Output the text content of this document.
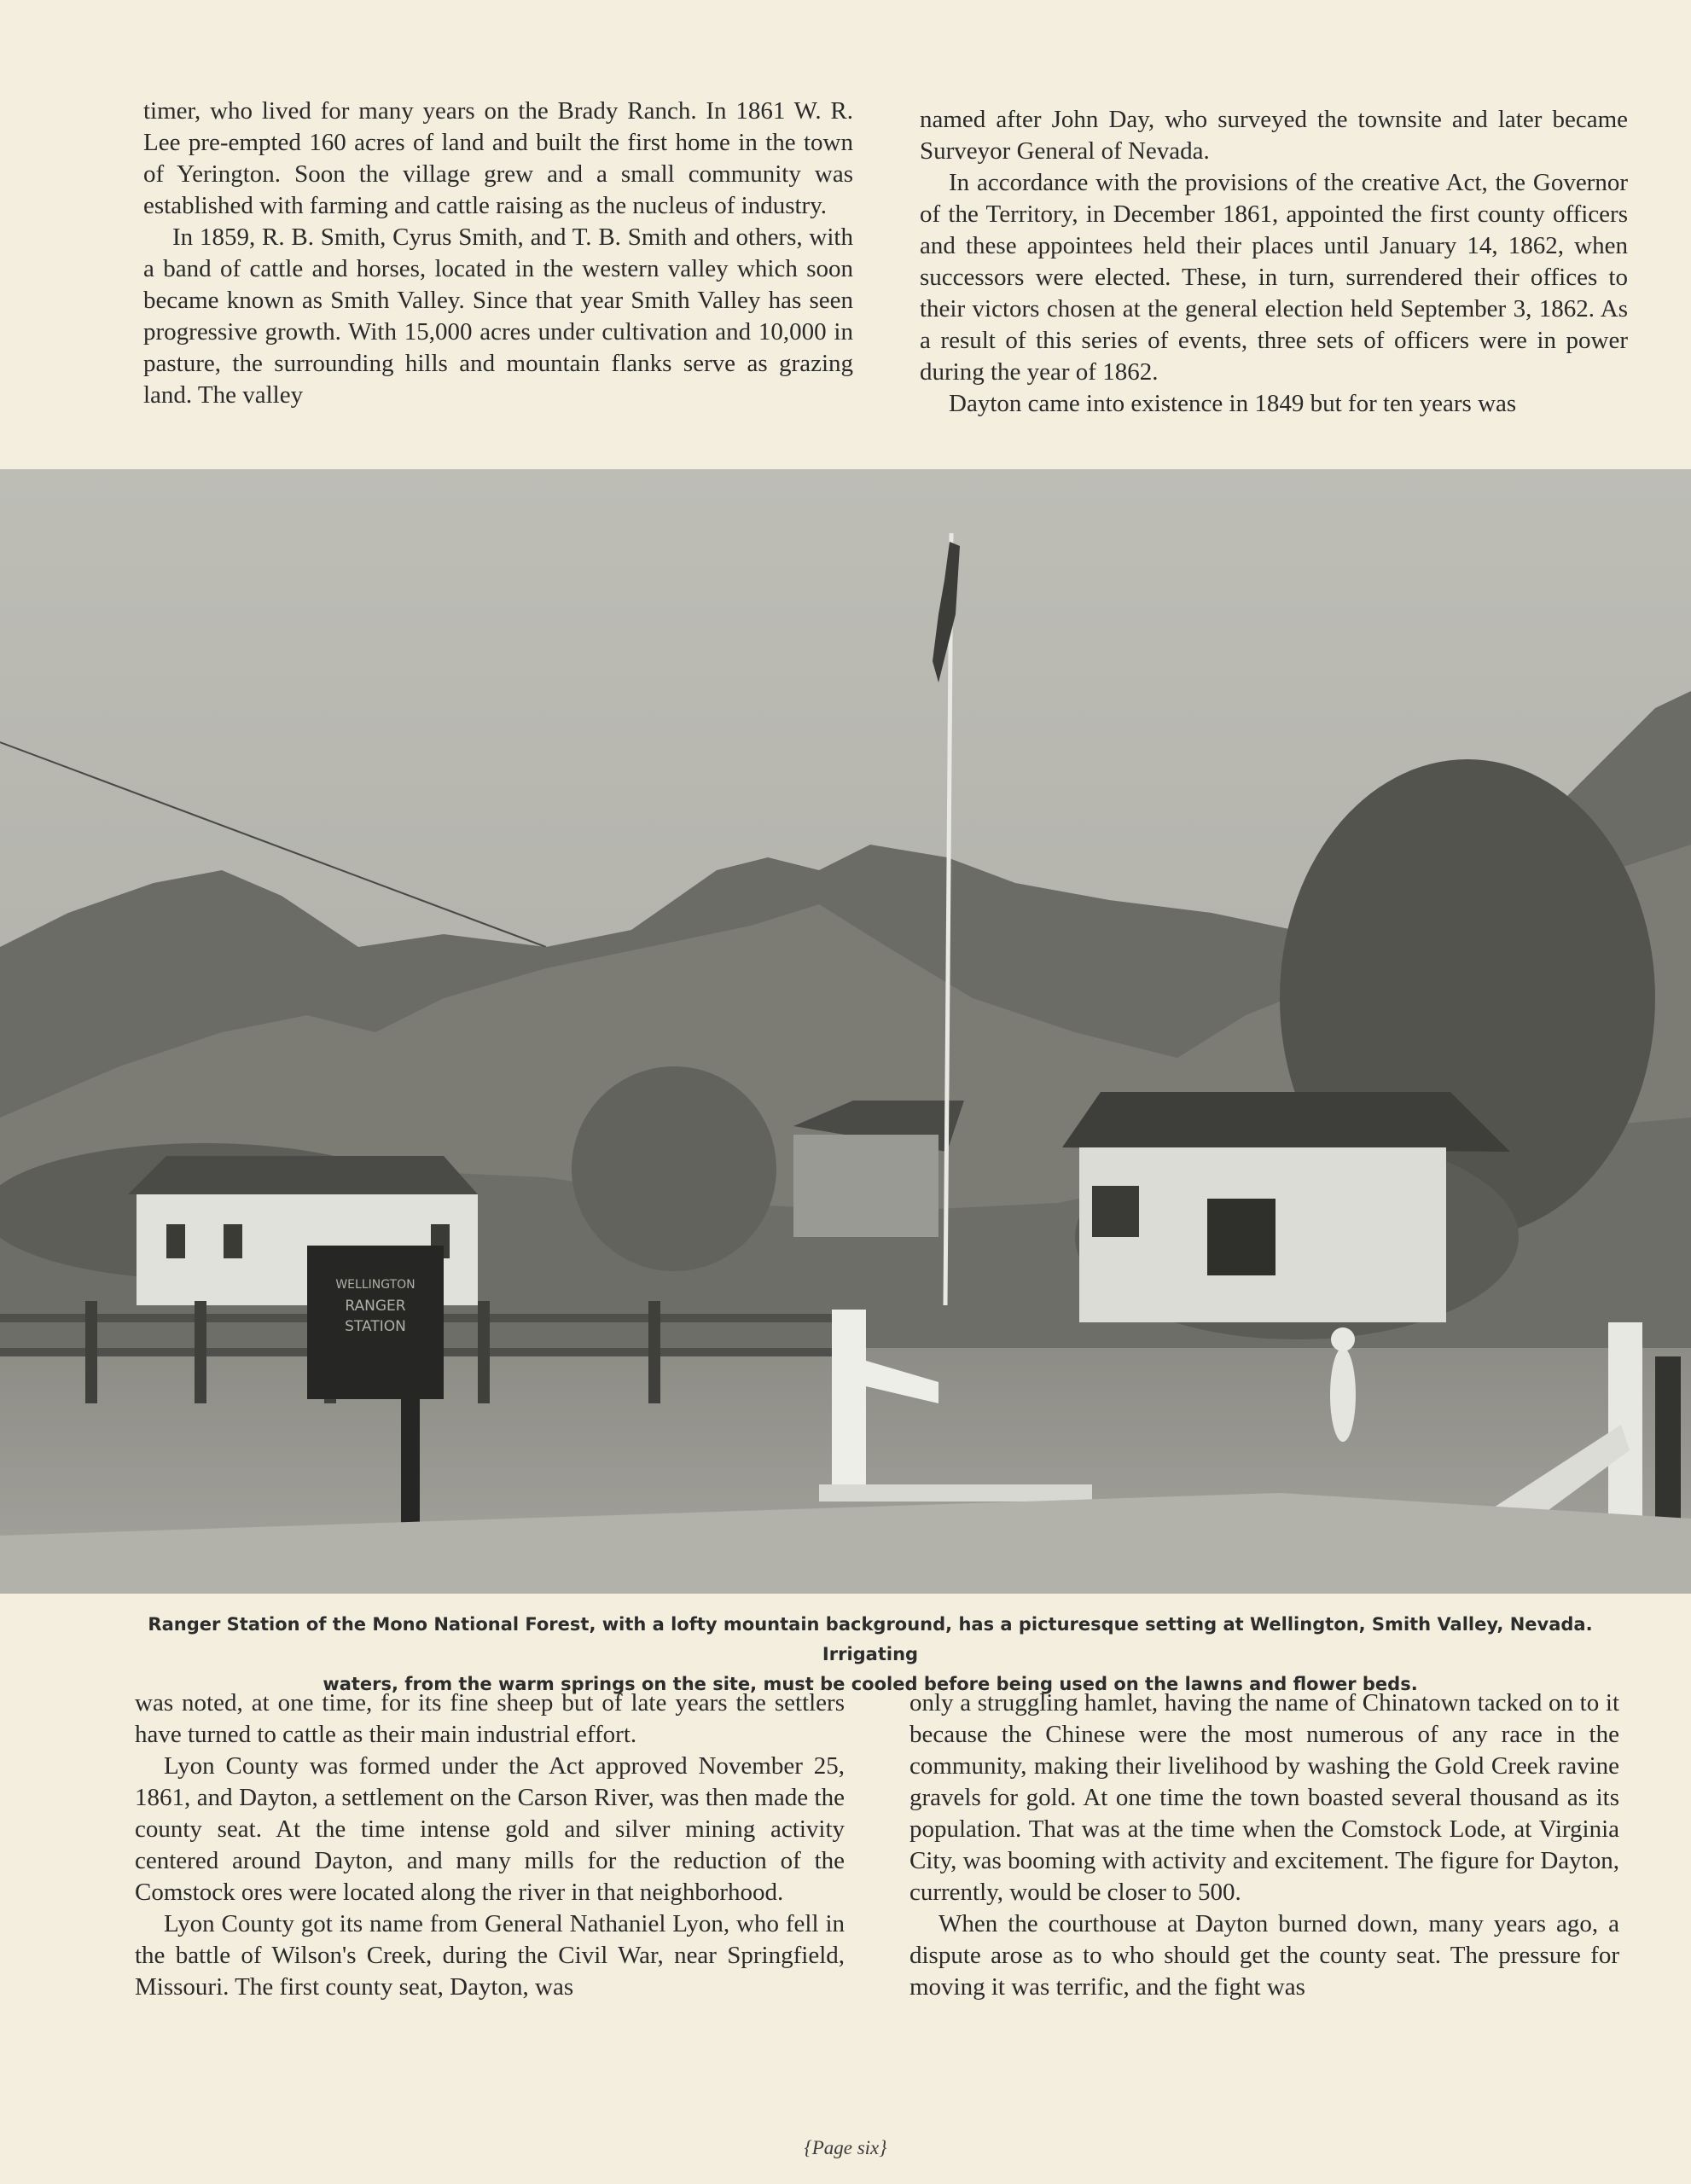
timer, who lived for many years on the Brady Ranch. In 1861 W. R. Lee pre-empted 160 acres of land and built the first home in the town of Yerington. Soon the village grew and a small community was established with farming and cattle raising as the nucleus of industry.

In 1859, R. B. Smith, Cyrus Smith, and T. B. Smith and others, with a band of cattle and horses, located in the western valley which soon became known as Smith Valley. Since that year Smith Valley has seen progressive growth. With 15,000 acres under cultivation and 10,000 in pasture, the surrounding hills and mountain flanks serve as grazing land. The valley

named after John Day, who surveyed the townsite and later became Surveyor General of Nevada.

In accordance with the provisions of the creative Act, the Governor of the Territory, in December 1861, appointed the first county officers and these appointees held their places until January 14, 1862, when successors were elected. These, in turn, surrendered their offices to their victors chosen at the general election held September 3, 1862. As a result of this series of events, three sets of officers were in power during the year of 1862.

Dayton came into existence in 1849 but for ten years was

WELLINGTON
RANGER
STATION
Ranger Station of the Mono National Forest, with a lofty mountain background, has a picturesque setting at Wellington, Smith Valley, Nevada. Irrigating
waters, from the warm springs on the site, must be cooled before being used on the lawns and flower beds.

was noted, at one time, for its fine sheep but of late years the settlers have turned to cattle as their main industrial effort.

Lyon County was formed under the Act approved November 25, 1861, and Dayton, a settlement on the Carson River, was then made the county seat. At the time intense gold and silver mining activity centered around Dayton, and many mills for the reduction of the Comstock ores were located along the river in that neighborhood.

Lyon County got its name from General Nathaniel Lyon, who fell in the battle of Wilson's Creek, during the Civil War, near Springfield, Missouri. The first county seat, Dayton, was

only a struggling hamlet, having the name of Chinatown tacked on to it because the Chinese were the most numerous of any race in the community, making their livelihood by washing the Gold Creek ravine gravels for gold. At one time the town boasted several thousand as its population. That was at the time when the Comstock Lode, at Virginia City, was booming with activity and excitement. The figure for Dayton, currently, would be closer to 500.

When the courthouse at Dayton burned down, many years ago, a dispute arose as to who should get the county seat. The pressure for moving it was terrific, and the fight was

{Page six}
